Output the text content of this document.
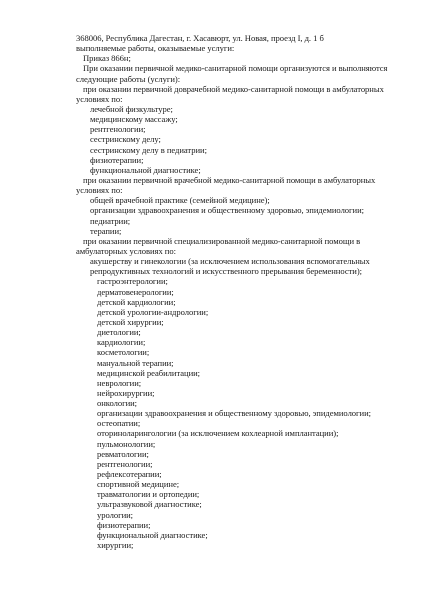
368006, Республика Дагестан, г. Хасавюрт, ул. Новая, проезд I, д. 1 б
выполняемые работы, оказываемые услуги:
Приказ 866н;
При оказании первичной медико-санитарной помощи организуются и выполняются
следующие работы (услуги):
при оказании первичной доврачебной медико-санитарной помощи в амбулаторных
условиях по:
лечебной физкультуре;
медицинскому массажу;
рентгенологии;
сестринскому делу;
сестринскому делу в педиатрии;
физиотерапии;
функциональной диагностике;
при оказании первичной врачебной медико-санитарной помощи в амбулаторных
условиях по:
общей врачебной практике (семейной медицине);
организации здравоохранения и общественному здоровью, эпидемиологии;
педиатрии;
терапии;
при оказании первичной специализированной медико-санитарной помощи в
амбулаторных условиях по:
акушерству и гинекологии (за исключением использования вспомогательных
репродуктивных технологий и искусственного прерывания беременности);
гастроэнтерологии;
дерматовенерологии;
детской кардиологии;
детской урологии-андрологии;
детской хирургии;
диетологии;
кардиологии;
косметологии;
мануальной терапии;
медицинской реабилитации;
неврологии;
нейрохирургии;
онкологии;
организации здравоохранения и общественному здоровью, эпидемиологии;
остеопатии;
оториноларингологии (за исключением кохлеарной имплантации);
пульмонологии;
ревматологии;
рентгенологии;
рефлексотерапии;
спортивной медицине;
травматологии и ортопедии;
ультразвуковой диагностике;
урологии;
физиотерапии;
функциональной диагностике;
хирургии;
